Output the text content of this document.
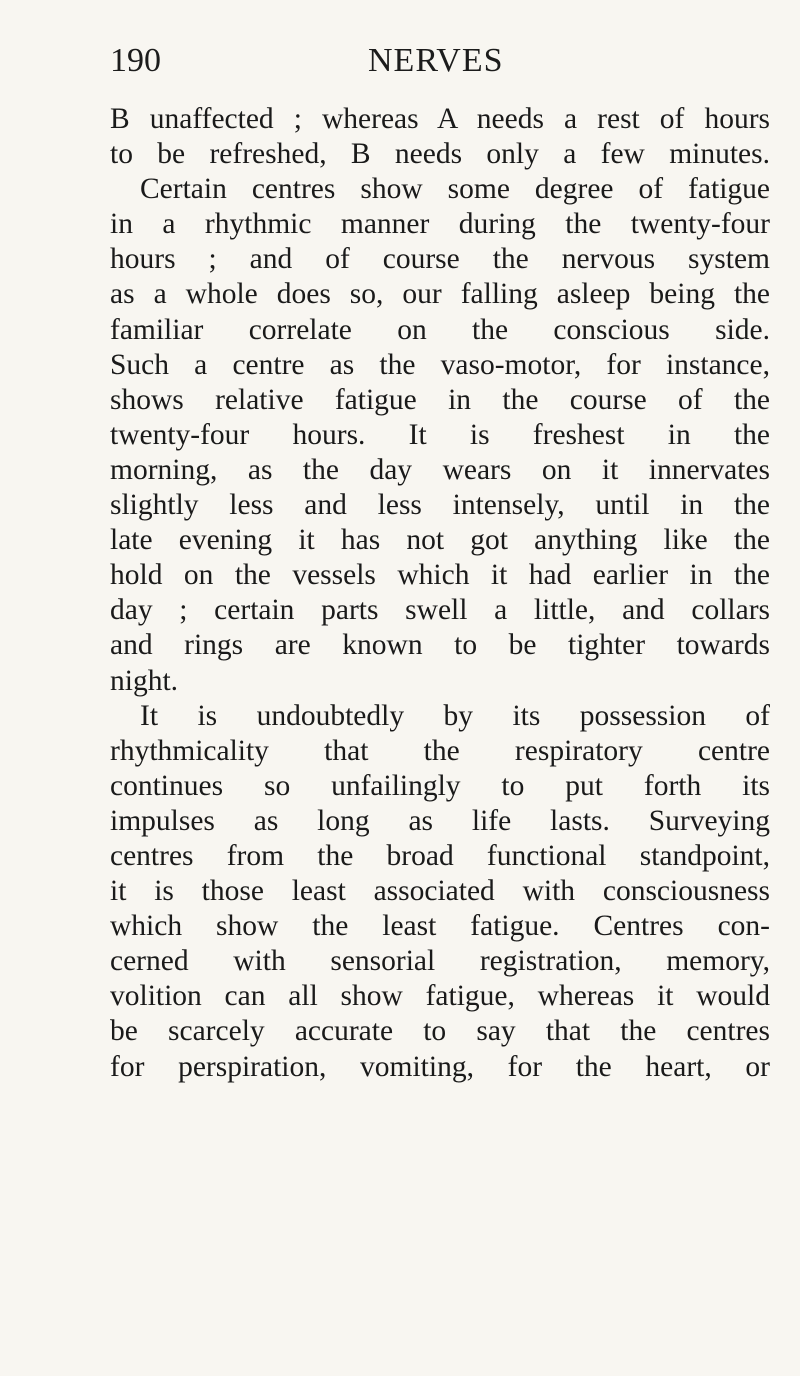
190	NERVES
B unaffected ; whereas A needs a rest of hours
to be refreshed, B needs only a few minutes.
Certain centres show some degree of fatigue
in a rhythmic manner during the twenty-four
hours ; and of course the nervous system
as a whole does so, our falling asleep being the
familiar correlate on the conscious side.
Such a centre as the vaso-motor, for instance,
shows relative fatigue in the course of the
twenty-four hours. It is freshest in the
morning, as the day wears on it innervates
slightly less and less intensely, until in the
late evening it has not got anything like the
hold on the vessels which it had earlier in the
day ; certain parts swell a little, and collars
and rings are known to be tighter towards
night.
It is undoubtedly by its possession of
rhythmicality that the respiratory centre
continues so unfailingly to put forth its
impulses as long as life lasts. Surveying
centres from the broad functional standpoint,
it is those least associated with consciousness
which show the least fatigue. Centres con-
cerned with sensorial registration, memory,
volition can all show fatigue, whereas it would
be scarcely accurate to say that the centres
for perspiration, vomiting, for the heart, or
